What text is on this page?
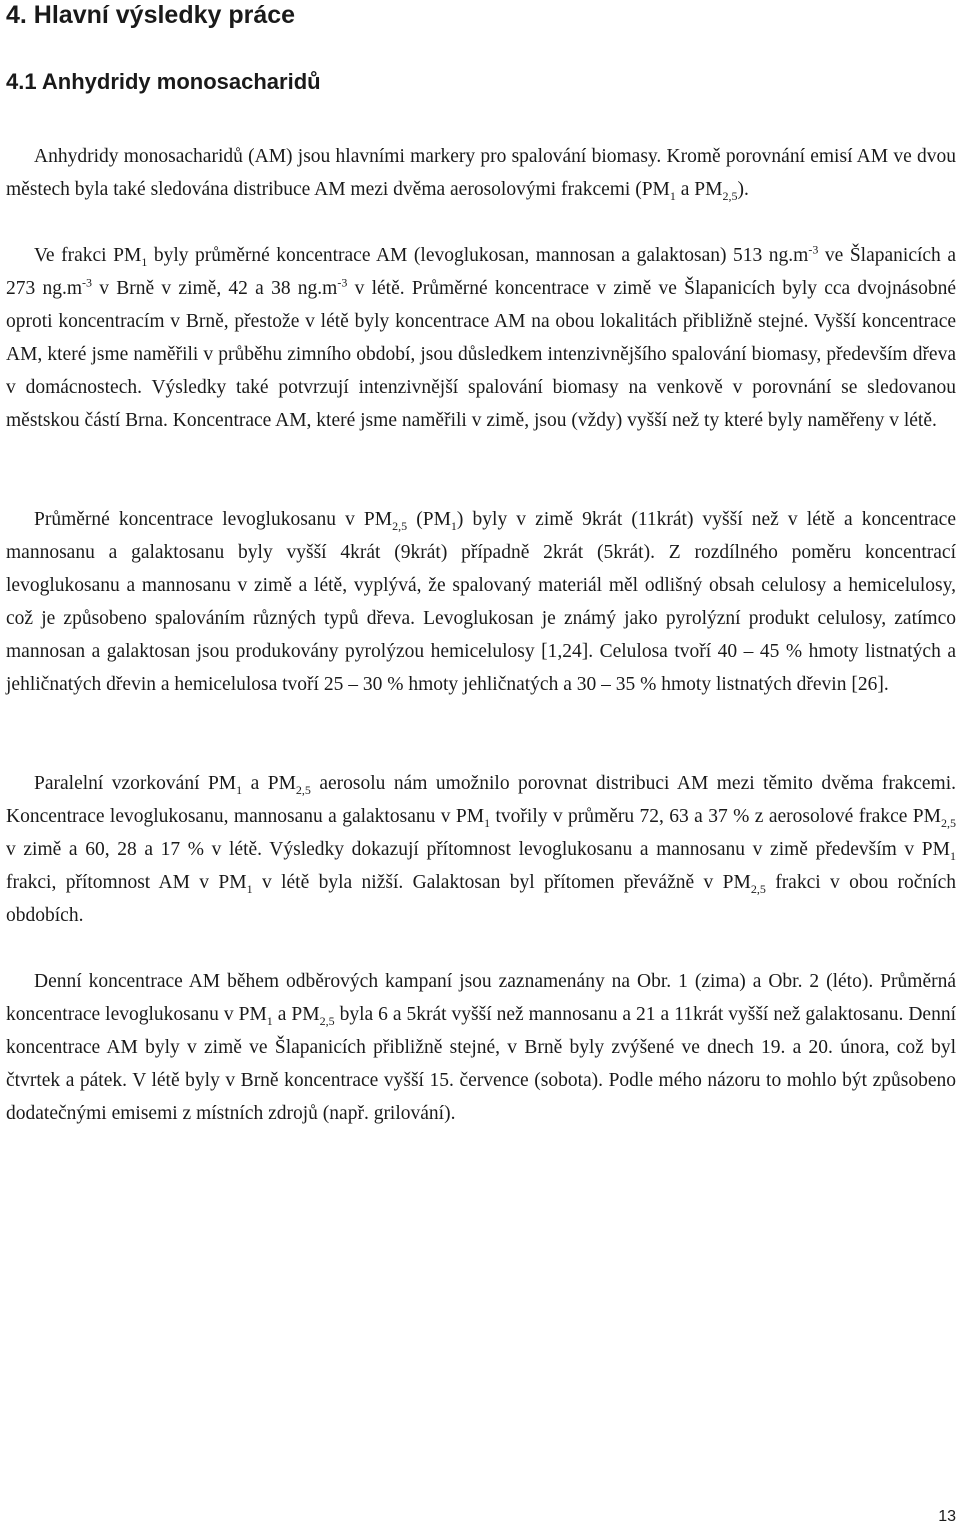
4. Hlavní výsledky práce
4.1 Anhydridy monosacharidů

Anhydridy monosacharidů (AM) jsou hlavními markery pro spalování biomasy. Kromě porovnání emisí AM ve dvou městech byla také sledována distribuce AM mezi dvěma aerosolovými frakcemi ($PM_1$ a $PM_{2,5}$).

Ve frakci $PM_1$ byly průměrné koncentrace AM (levoglukosan, mannosan a galaktosan) 513 $ng.m^{-3}$ ve Šlapanicích a 273 $ng.m^{-3}$ v Brně v zimě, 42 a 38 $ng.m^{-3}$ v létě. Průměrné koncentrace v zimě ve Šlapanicích byly cca dvojnásobné oproti koncentracím v Brně, přestože v létě byly koncentrace AM na obou lokalitách přibližně stejné. Vyšší koncentrace AM, které jsme naměřili v průběhu zimního období, jsou důsledkem intenzivnějšího spalování biomasy, především dřeva v domácnostech. Výsledky také potvrzují intenzivnější spalování biomasy na venkově v porovnání se sledovanou městskou částí Brna. Koncentrace AM, které jsme naměřili v zimě, jsou (vždy) vyšší než ty které byly naměřeny v létě.

Průměrné koncentrace levoglukosanu v $PM_{2,5}$ $(PM_1)$ byly v zimě 9krát (11krát) vyšší než v létě a koncentrace mannosanu a galaktosanu byly vyšší 4krát (9krát) případně 2krát (5krát). Z rozdílného poměru koncentrací levoglukosanu a mannosanu v zimě a létě, vyplývá, že spalovaný materiál měl odlišný obsah celulosy a hemicelulosy, což je způsobeno spalováním různých typů dřeva. Levoglukosan je známý jako pyrolýzní produkt celulosy, zatímco mannosan a galaktosan jsou produkovány pyrolýzou hemicelulosy [1,24]. Celulosa tvoří 40 – 45 % hmoty listnatých a jehličnatých dřevin a hemicelulosa tvoří 25 – 30 % hmoty jehličnatých a 30 – 35 % hmoty listnatých dřevin [26].

Paralelní vzorkování $PM_1$ a $PM_{2,5}$ aerosolu nám umožnilo porovnat distribuci AM mezi těmito dvěma frakcemi. Koncentrace levoglukosanu, mannosanu a galaktosanu v $PM_1$ tvořily v průměru 72, 63 a 37 % z aerosolové frakce $PM_{2,5}$ v zimě a 60, 28 a 17 % v létě. Výsledky dokazují přítomnost levoglukosanu a mannosanu v zimě především v $PM_1$ frakci, přítomnost AM v $PM_1$ v létě byla nižší. Galaktosan byl přítomen převážně v $PM_{2,5}$ frakci v obou ročních obdobích.

Denní koncentrace AM během odběrových kampaní jsou zaznamenány na Obr. 1 (zima) a Obr. 2 (léto). Průměrná koncentrace levoglukosanu v $PM_1$ a $PM_{2,5}$ byla 6 a 5krát vyšší než mannosanu a 21 a 11krát vyšší než galaktosanu. Denní koncentrace AM byly v zimě ve Šlapanicích přibližně stejné, v Brně byly zvýšené ve dnech 19. a 20. února, což byl čtvrtek a pátek. V létě byly v Brně koncentrace vyšší 15. července (sobota). Podle mého názoru to mohlo být způsobeno dodatečnými emisemi z místních zdrojů (např. grilování).

13
